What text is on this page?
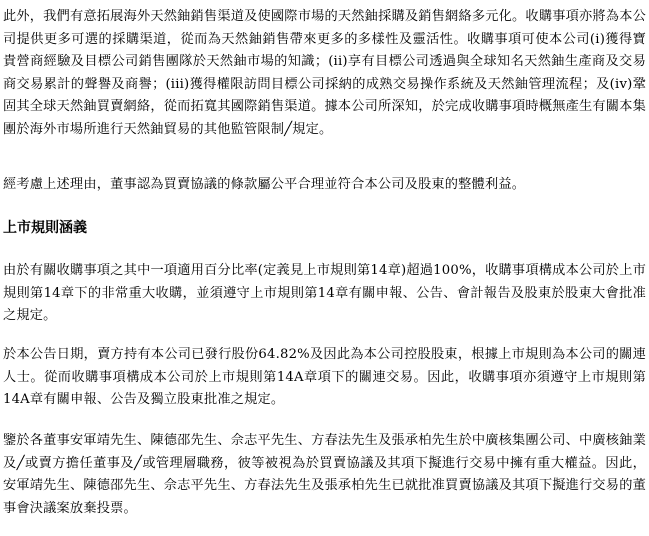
此外，我們有意拓展海外天然鈾銷售渠道及使國際市場的天然鈾採購及銷售網絡多元化。收購事項亦將為本公司提供更多可選的採購渠道，從而為天然鈾銷售帶來更多的多樣性及靈活性。收購事項可使本公司(i)獲得寶貴營商經驗及目標公司銷售團隊於天然鈾市場的知識；(ii)享有目標公司透過與全球知名天然鈾生產商及交易商交易累計的聲譽及商譽；(iii)獲得權限訪問目標公司採納的成熟交易操作系統及天然鈾管理流程；及(iv)鞏固其全球天然鈾買賣網絡，從而拓寬其國際銷售渠道。據本公司所深知，於完成收購事項時概無產生有關本集團於海外市場所進行天然鈾貿易的其他監管限制╱規定。

經考慮上述理由，董事認為買賣協議的條款屬公平合理並符合本公司及股東的整體利益。

上市規則涵義

由於有關收購事項之其中一項適用百分比率(定義見上市規則第14章)超過100%，收購事項構成本公司於上市規則第14章下的非常重大收購，並須遵守上市規則第14章有關申報、公告、會計報告及股東於股東大會批准之規定。

於本公告日期，賣方持有本公司已發行股份64.82%及因此為本公司控股股東，根據上市規則為本公司的關連人士。從而收購事項構成本公司於上市規則第14A章項下的關連交易。因此，收購事項亦須遵守上市規則第14A章有關申報、公告及獨立股東批准之規定。

鑒於各董事安軍靖先生、陳德邵先生、佘志平先生、方春法先生及張承柏先生於中廣核集團公司、中廣核鈾業及╱或賣方擔任董事及╱或管理層職務，彼等被視為於買賣協議及其項下擬進行交易中擁有重大權益。因此，安軍靖先生、陳德邵先生、佘志平先生、方春法先生及張承柏先生已就批准買賣協議及其項下擬進行交易的董事會決議案放棄投票。
